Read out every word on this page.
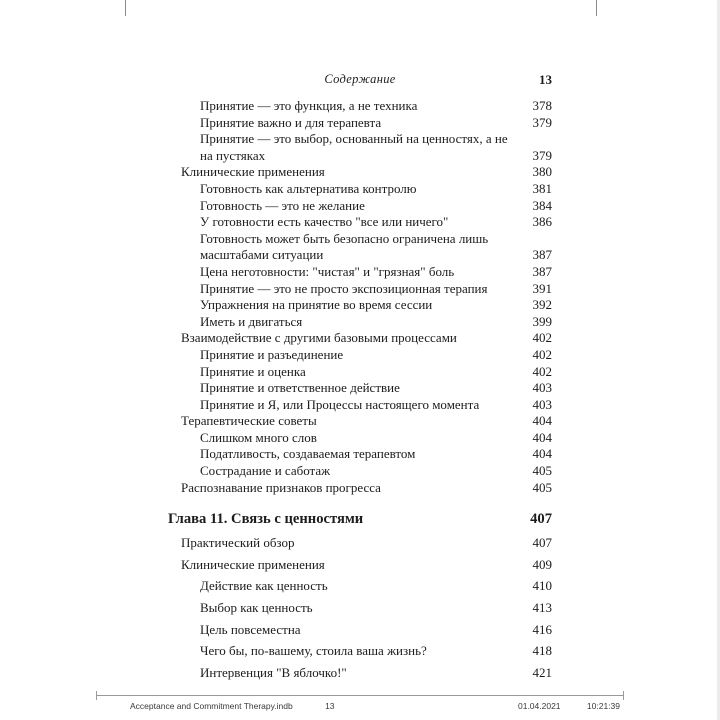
Содержание	13
Принятие — это функция, а не техника	378
Принятие важно и для терапевта	379
Принятие — это выбор, основанный на ценностях, а не на пустяках	379
Клинические применения	380
Готовность как альтернатива контролю	381
Готовность — это не желание	384
У готовности есть качество "все или ничего"	386
Готовность может быть безопасно ограничена лишь масштабами ситуации	387
Цена неготовности: "чистая" и "грязная" боль	387
Принятие — это не просто экспозиционная терапия	391
Упражнения на принятие во время сессии	392
Иметь и двигаться	399
Взаимодействие с другими базовыми процессами	402
Принятие и разъединение	402
Принятие и оценка	402
Принятие и ответственное действие	403
Принятие и Я, или Процессы настоящего момента	403
Терапевтические советы	404
Слишком много слов	404
Податливость, создаваемая терапевтом	404
Сострадание и саботаж	405
Распознавание признаков прогресса	405
Глава 11. Связь с ценностями	407
Практический обзор	407
Клинические применения	409
Действие как ценность	410
Выбор как ценность	413
Цель повсеместна	416
Чего бы, по-вашему, стоила ваша жизнь?	418
Интервенция "В яблочко!"	421
Acceptance and Commitment Therapy.indb	13	01.04.2021	10:21:39
